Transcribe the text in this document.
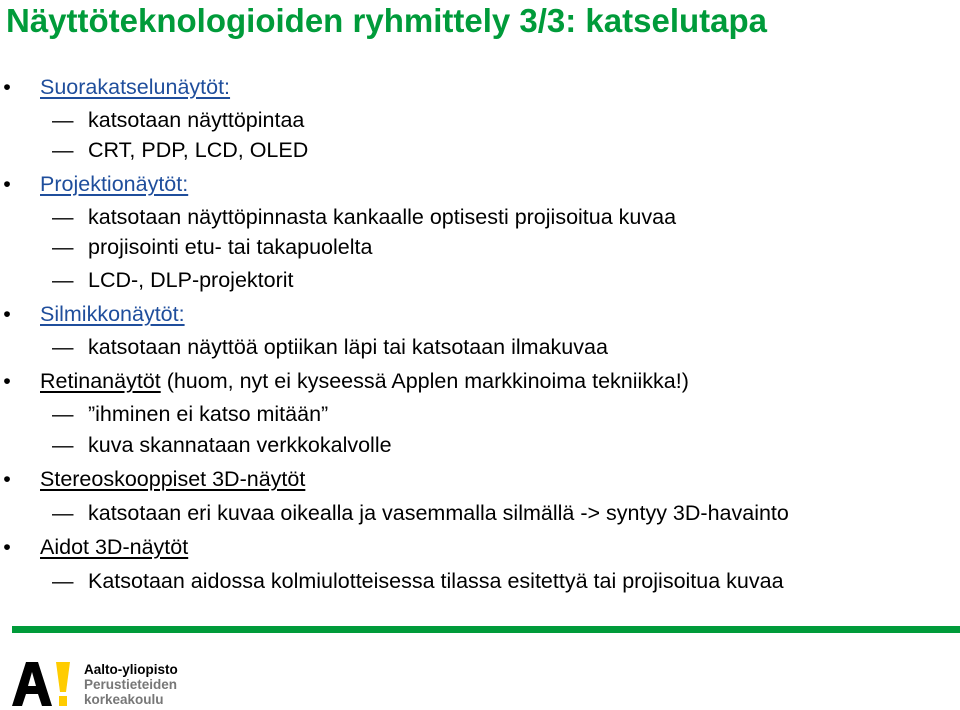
Näyttöteknologioiden ryhmittely 3/3: katselutapa
• Suorakatselunäytöt:
— katsotaan näyttöpintaa
— CRT, PDP, LCD, OLED
• Projektionäytöt:
— katsotaan näyttöpinnasta kankaalle optisesti projisoitua kuvaa
— projisointi etu- tai takapuolelta
— LCD-, DLP-projektorit
• Silmikkonäytöt:
— katsotaan näyttöä optiikan läpi tai katsotaan ilmakuvaa
• Retinanäytöt (huom, nyt ei kyseessä Applen markkinoima tekniikka!)
— ”ihminen ei katso mitään”
— kuva skannataan verkkokalvolle
• Stereoskooppiset 3D-näytöt
— katsotaan eri kuvaa oikealla ja vasemmalla silmällä -> syntyy 3D-havainto
• Aidot 3D-näytöt
— Katsotaan aidossa kolmiulotteisessa tilassa esitettyä tai projisoitua kuvaa
Aalto-yliopisto
Perustieteiden
korkeakoulu
